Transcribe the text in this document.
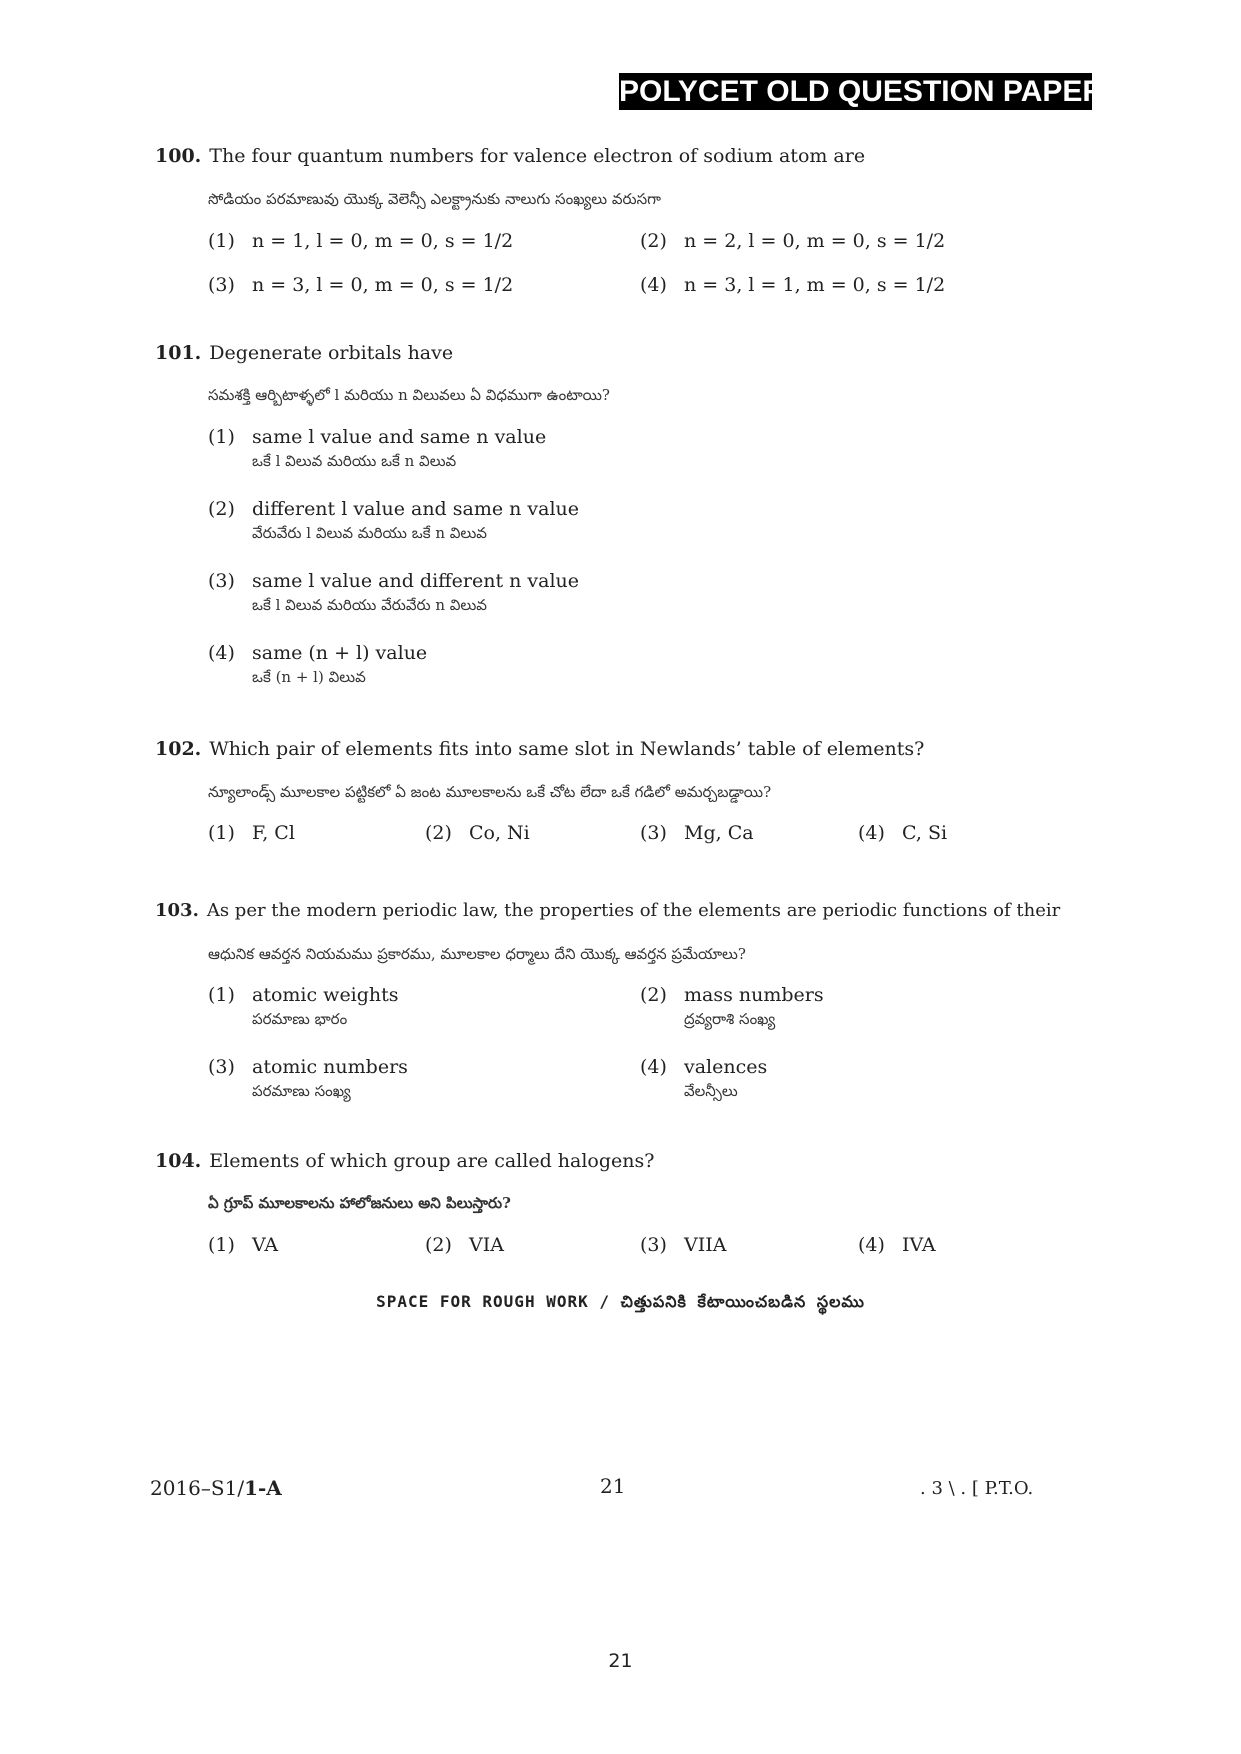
POLYCET OLD QUESTION PAPER
100. The four quantum numbers for valence electron of sodium atom are
సోడియం పరమాణువు యొక్క వెలెన్సీ ఎలక్ట్రానుకు నాలుగు సంఖ్యలు వరుసగా
(1) n = 1, l = 0, m = 0, s = 1/2	(2) n = 2, l = 0, m = 0, s = 1/2
(3) n = 3, l = 0, m = 0, s = 1/2	(4) n = 3, l = 1, m = 0, s = 1/2
101. Degenerate orbitals have
సమశక్తి ఆర్బిటాళ్ళలో l మరియు n విలువలు ఏ విధముగా ఉంటాయి?
(1) same l value and same n value
ఒకే l విలువ మరియు ఒకే n విలువ
(2) different l value and same n value
వేరువేరు l విలువ మరియు ఒకే n విలువ
(3) same l value and different n value
ఒకే l విలువ మరియు వేరువేరు n విలువ
(4) same (n + l) value
ఒకే (n + l) విలువ
102. Which pair of elements fits into same slot in Newlands’ table of elements?
న్యూలాండ్స్ మూలకాల పట్టికలో ఏ జంట మూలకాలను ఒకే చోట లేదా ఒకే గడిలో అమర్చబడ్డాయి?
(1) F, Cl	(2) Co, Ni	(3) Mg, Ca	(4) C, Si
103. As per the modern periodic law, the properties of the elements are periodic functions of their
ఆధునిక ఆవర్తన నియమము ప్రకారము, మూలకాల ధర్మాలు దేని యొక్క ఆవర్తన ప్రమేయాలు?
(1) atomic weights
పరమాణు భారం
(2) mass numbers
ద్రవ్యరాశి సంఖ్య
(3) atomic numbers
పరమాణు సంఖ్య
(4) valences
వేలన్సీలు
104. Elements of which group are called halogens?
ఏ గ్రూప్ మూలకాలను హాలోజనులు అని పిలుస్తారు?
(1) VA	(2) VIA	(3) VIIA	(4) IVA
SPACE FOR ROUGH WORK / చిత్తుపనికి కేటాయించబడిన స్థలము
2016–S1/1-A	21	. 3 \ . [ P.T.O.
21
